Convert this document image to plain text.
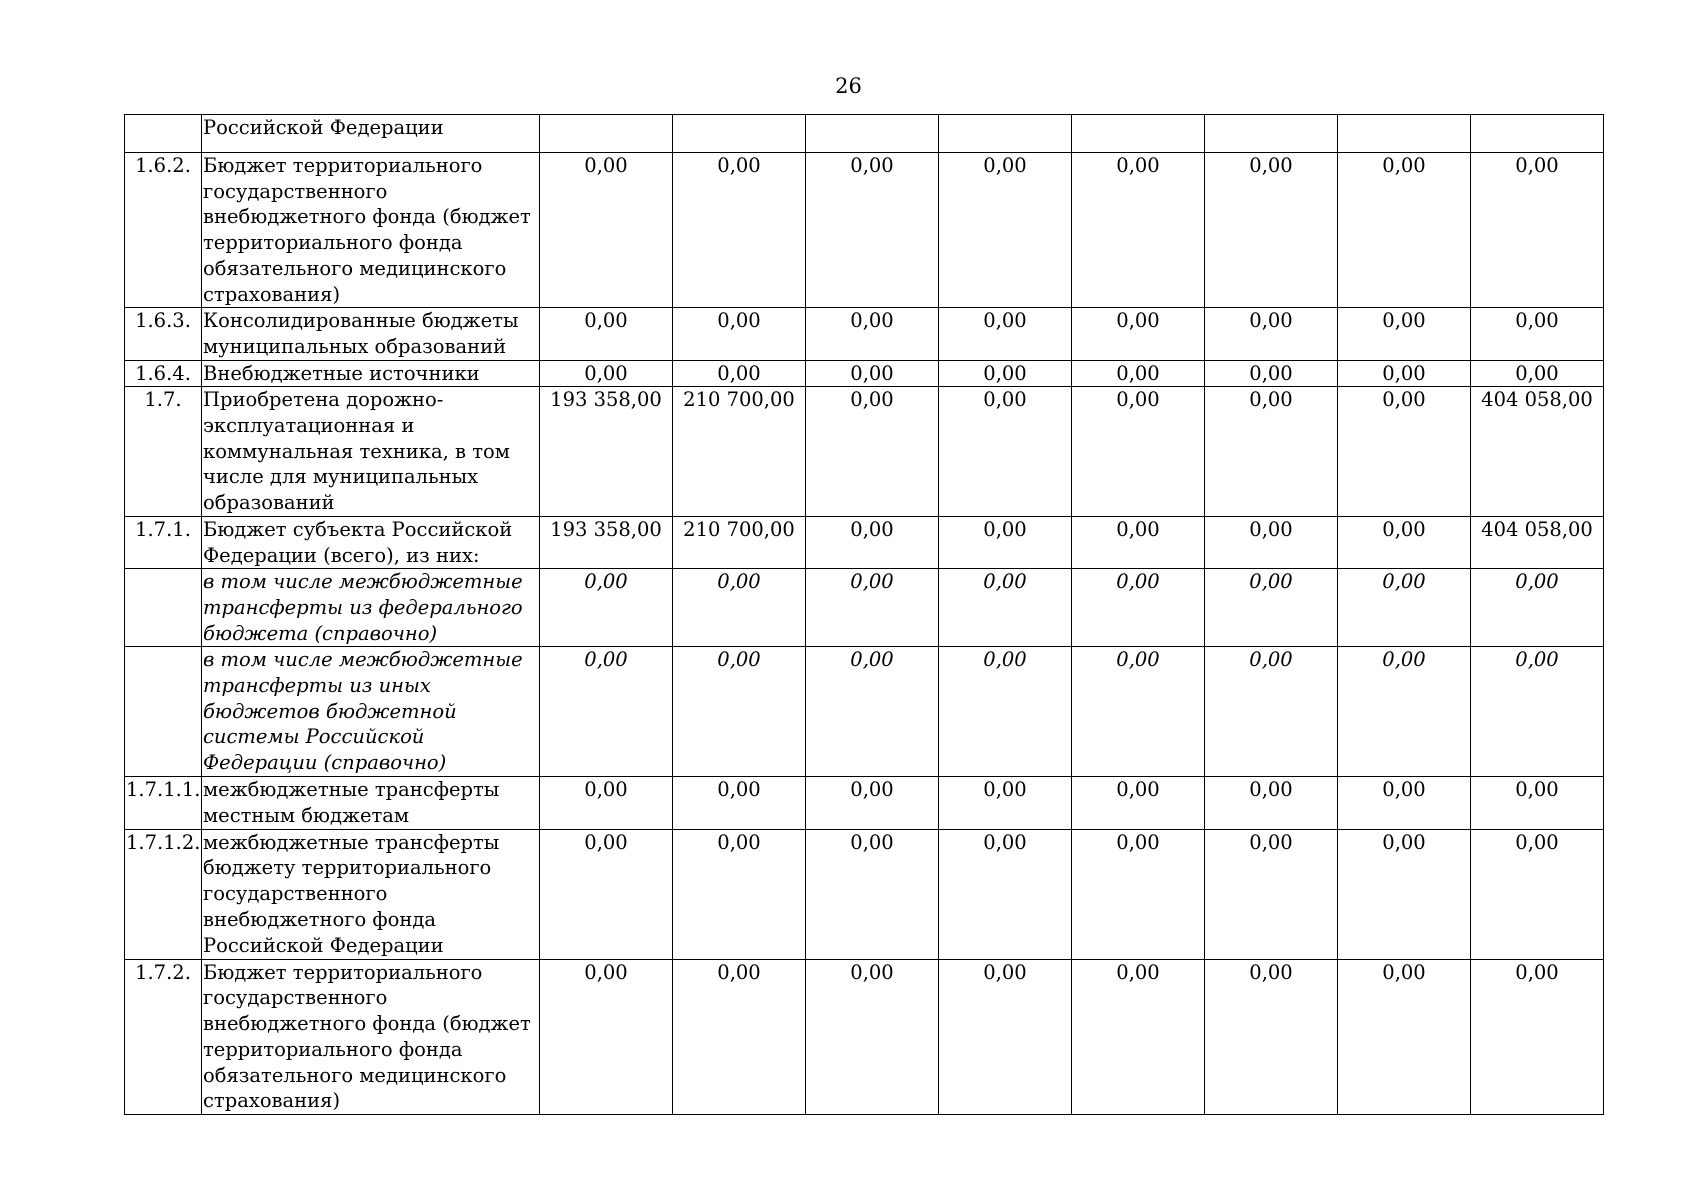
26
	Российской Федерации								
1.6.2.	Бюджет территориального государственного внебюджетного фонда (бюджет территориального фонда обязательного медицинского страхования)	0,00	0,00	0,00	0,00	0,00	0,00	0,00	0,00
1.6.3.	Консолидированные бюджеты муниципальных образований	0,00	0,00	0,00	0,00	0,00	0,00	0,00	0,00
1.6.4.	Внебюджетные источники	0,00	0,00	0,00	0,00	0,00	0,00	0,00	0,00
1.7.	Приобретена дорожно-эксплуатационная и коммунальная техника, в том числе для муниципальных образований	193 358,00	210 700,00	0,00	0,00	0,00	0,00	0,00	404 058,00
1.7.1.	Бюджет субъекта Российской Федерации (всего), из них:	193 358,00	210 700,00	0,00	0,00	0,00	0,00	0,00	404 058,00
	в том числе межбюджетные трансферты из федерального бюджета (справочно)	0,00	0,00	0,00	0,00	0,00	0,00	0,00	0,00
	в том числе межбюджетные трансферты из иных бюджетов бюджетной системы Российской Федерации (справочно)	0,00	0,00	0,00	0,00	0,00	0,00	0,00	0,00
1.7.1.1.	межбюджетные трансферты местным бюджетам	0,00	0,00	0,00	0,00	0,00	0,00	0,00	0,00
1.7.1.2.	межбюджетные трансферты бюджету территориального государственного внебюджетного фонда Российской Федерации	0,00	0,00	0,00	0,00	0,00	0,00	0,00	0,00
1.7.2.	Бюджет территориального государственного внебюджетного фонда (бюджет территориального фонда обязательного медицинского страхования)	0,00	0,00	0,00	0,00	0,00	0,00	0,00	0,00
